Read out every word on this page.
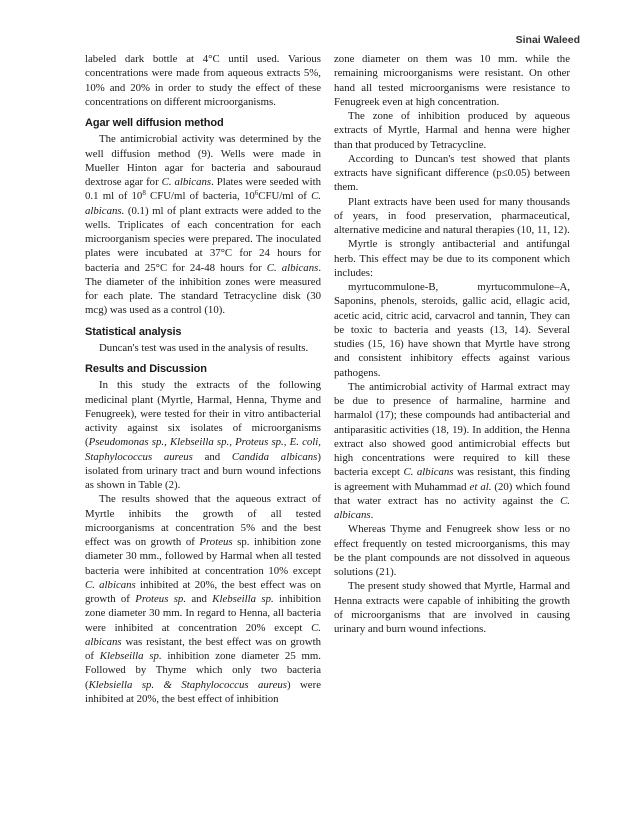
Sinai Waleed

labeled dark bottle at 4°C until used. Various concentrations were made from aqueous extracts 5%, 10% and 20% in order to study the effect of these concentrations on different microorganisms.

Agar well diffusion method

The antimicrobial activity was determined by the well diffusion method (9). Wells were made in Mueller Hinton agar for bacteria and sabouraud dextrose agar for C. albicans. Plates were seeded with 0.1 ml of $10^8$ CFU/ml of bacteria, $10^6CFU/ml$ of C. albicans. (0.1) ml of plant extracts were added to the wells. Triplicates of each concentration for each microorganism species were prepared. The inoculated plates were incubated at 37°C for 24 hours for bacteria and 25°C for 24-48 hours for C. albicans. The diameter of the inhibition zones were measured for each plate. The standard Tetracycline disk (30 mcg) was used as a control (10).

Statistical analysis

Duncan's test was used in the analysis of results.

Results and Discussion

In this study the extracts of the following medicinal plant (Myrtle, Harmal, Henna, Thyme and Fenugreek), were tested for their in vitro antibacterial activity against six isolates of microorganisms (Pseudomonas sp., Klebseilla sp., Proteus sp., E. coli, Staphylococcus aureus and Candida albicans) isolated from urinary tract and burn wound infections as shown in Table (2).

The results showed that the aqueous extract of Myrtle inhibits the growth of all tested microorganisms at concentration 5% and the best effect was on growth of Proteus sp. inhibition zone diameter 30 mm., followed by Harmal when all tested bacteria were inhibited at concentration 10% except C. albicans inhibited at 20%, the best effect was on growth of Proteus sp. and Klebseilla sp. inhibition zone diameter 30 mm. In regard to Henna, all bacteria were inhibited at concentration 20% except C. albicans was resistant, the best effect was on growth of Klebseilla sp. inhibition zone diameter 25 mm. Followed by Thyme which only two bacteria (Klebsiella sp. & Staphylococcus aureus) were inhibited at 20%, the best effect of inhibition

zone diameter on them was 10 mm. while the remaining microorganisms were resistant. On other hand all tested microorganisms were resistance to Fenugreek even at high concentration.

The zone of inhibition produced by aqueous extracts of Myrtle, Harmal and henna were higher than that produced by Tetracycline.

According to Duncan's test showed that plants extracts have significant difference (p≤0.05) between them.

Plant extracts have been used for many thousands of years, in food preservation, pharmaceutical, alternative medicine and natural therapies (10, 11, 12).

Myrtle is strongly antibacterial and antifungal herb. This effect may be due to its component which includes:

myrtucommulone-B, myrtucommulone–A, Saponins, phenols, steroids, gallic acid, ellagic acid, acetic acid, citric acid, carvacrol and tannin, They can be toxic to bacteria and yeasts (13, 14). Several studies (15, 16) have shown that Myrtle have strong and consistent inhibitory effects against various pathogens.

The antimicrobial activity of Harmal extract may be due to presence of harmaline, harmine and harmalol (17); these compounds had antibacterial and antiparasitic activities (18, 19). In addition, the Henna extract also showed good antimicrobial effects but high concentrations were required to kill these bacteria except C. albicans was resistant, this finding is agreement with Muhammad et al. (20) which found that water extract has no activity against the C. albicans.

Whereas Thyme and Fenugreek show less or no effect frequently on tested microorganisms, this may be the plant compounds are not dissolved in aqueous solutions (21).

The present study showed that Myrtle, Harmal and Henna extracts were capable of inhibiting the growth of microorganisms that are involved in causing urinary and burn wound infections.
